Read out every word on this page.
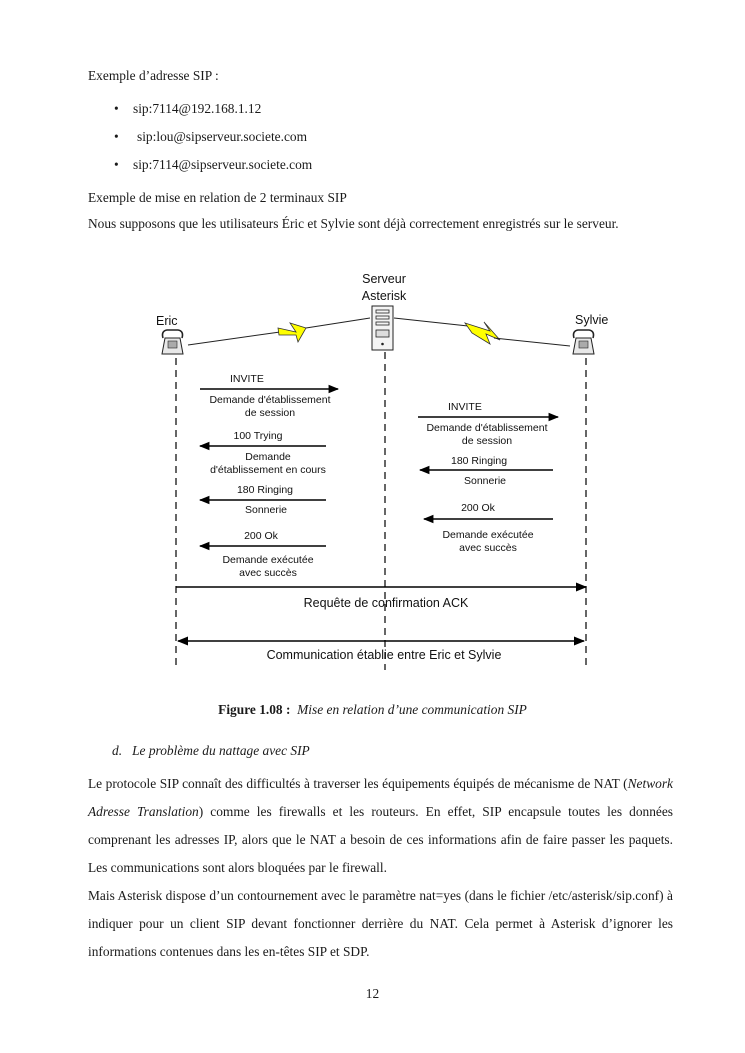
Exemple d’adresse SIP :
• sip:7114@192.168.1.12
• sip:lou@sipserveur.societe.com
• sip:7114@sipserveur.societe.com
Exemple de mise en relation de 2 terminaux SIP
Nous supposons que les utilisateurs Éric et Sylvie sont déjà correctement enregistrés sur le serveur.
Serveur
Asterisk
Eric	Sylvie
INVITE
Demande d'établissement
de session
100 Trying
Demande
d'établissement en cours
180 Ringing
Sonnerie
200 Ok
Demande exécutée
avec succès
INVITE
Demande d'établissement
de session
180 Ringing
Sonnerie
200 Ok
Demande exécutée
avec succès
Requête de confirmation ACK
Communication établie entre Eric et Sylvie
Figure 1.08 : Mise en relation d’une communication SIP
d.   Le problème du nattage avec SIP
Le protocole SIP connaît des difficultés à traverser les équipements équipés de mécanisme de NAT (Network Adresse Translation) comme les firewalls et les routeurs. En effet, SIP encapsule toutes les données comprenant les adresses IP, alors que le NAT a besoin de ces informations afin de faire passer les paquets. Les communications sont alors bloquées par le firewall.
Mais Asterisk dispose d’un contournement avec le paramètre nat=yes (dans le fichier /etc/asterisk/sip.conf) à indiquer pour un client SIP devant fonctionner derrière du NAT. Cela permet à Asterisk d’ignorer les informations contenues dans les en-têtes SIP et SDP.
12
